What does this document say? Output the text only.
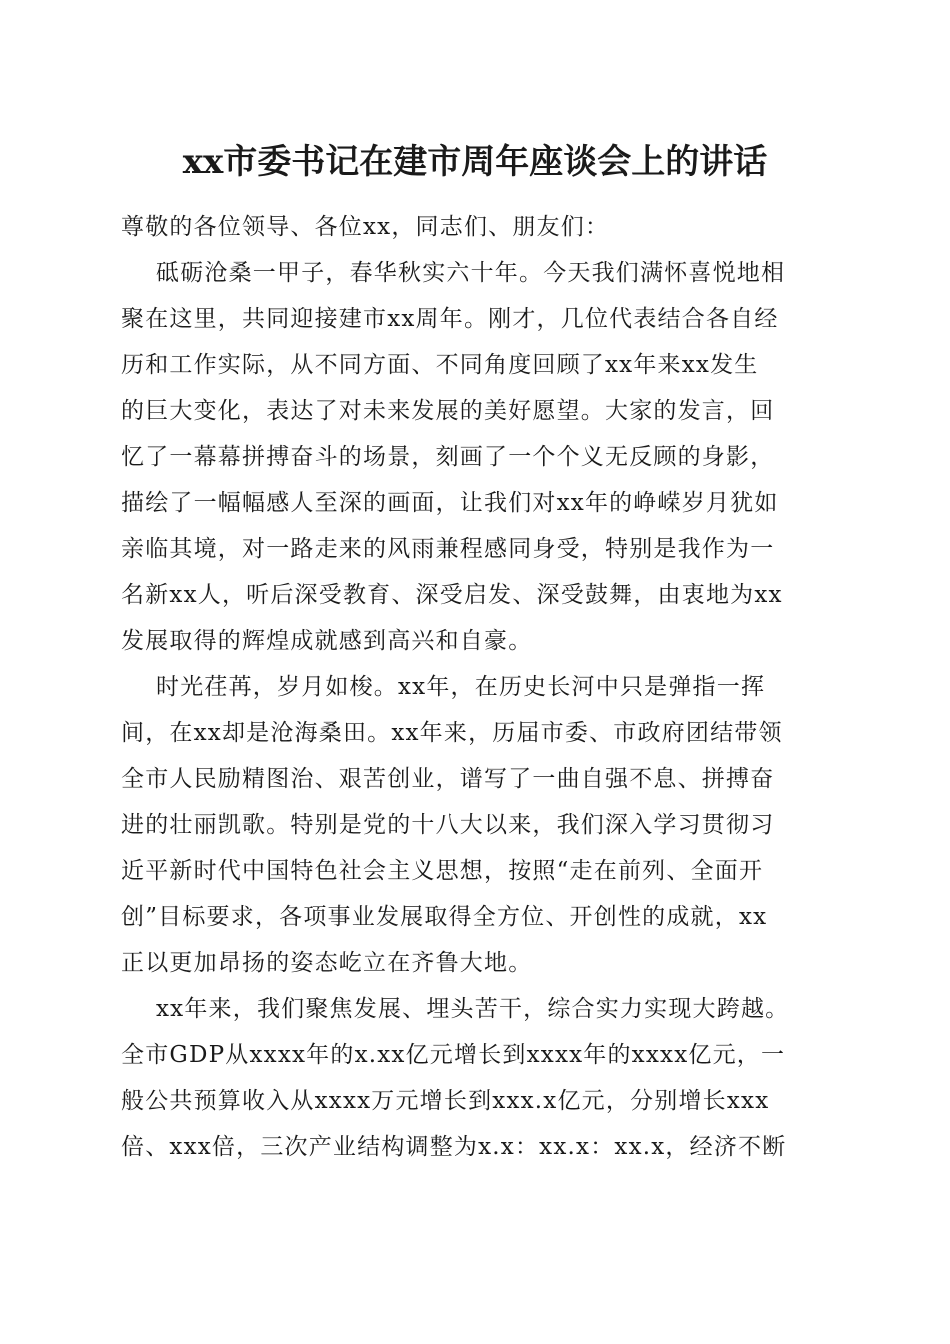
xx市委书记在建市周年座谈会上的讲话

尊敬的各位领导、各位xx，同志们、朋友们：

砥砺沧桑一甲子，春华秋实六十年。今天我们满怀喜悦地相
聚在这里，共同迎接建市xx周年。刚才，几位代表结合各自经
历和工作实际，从不同方面、不同角度回顾了xx年来xx发生
的巨大变化，表达了对未来发展的美好愿望。大家的发言，回
忆了一幕幕拼搏奋斗的场景，刻画了一个个义无反顾的身影，
描绘了一幅幅感人至深的画面，让我们对xx年的峥嵘岁月犹如
亲临其境，对一路走来的风雨兼程感同身受，特别是我作为一
名新xx人，听后深受教育、深受启发、深受鼓舞，由衷地为xx
发展取得的辉煌成就感到高兴和自豪。

时光荏苒，岁月如梭。xx年，在历史长河中只是弹指一挥
间，在xx却是沧海桑田。xx年来，历届市委、市政府团结带领
全市人民励精图治、艰苦创业，谱写了一曲自强不息、拼搏奋
进的壮丽凯歌。特别是党的十八大以来，我们深入学习贯彻习
近平新时代中国特色社会主义思想，按照“走在前列、全面开
创”目标要求，各项事业发展取得全方位、开创性的成就，xx
正以更加昂扬的姿态屹立在齐鲁大地。

xx年来，我们聚焦发展、埋头苦干，综合实力实现大跨越。
全市GDP从xxxx年的x.xx亿元增长到xxxx年的xxxx亿元，一
般公共预算收入从xxxx万元增长到xxx.x亿元，分别增长xxx
倍、xxx倍，三次产业结构调整为x.x：xx.x：xx.x，经济不断
